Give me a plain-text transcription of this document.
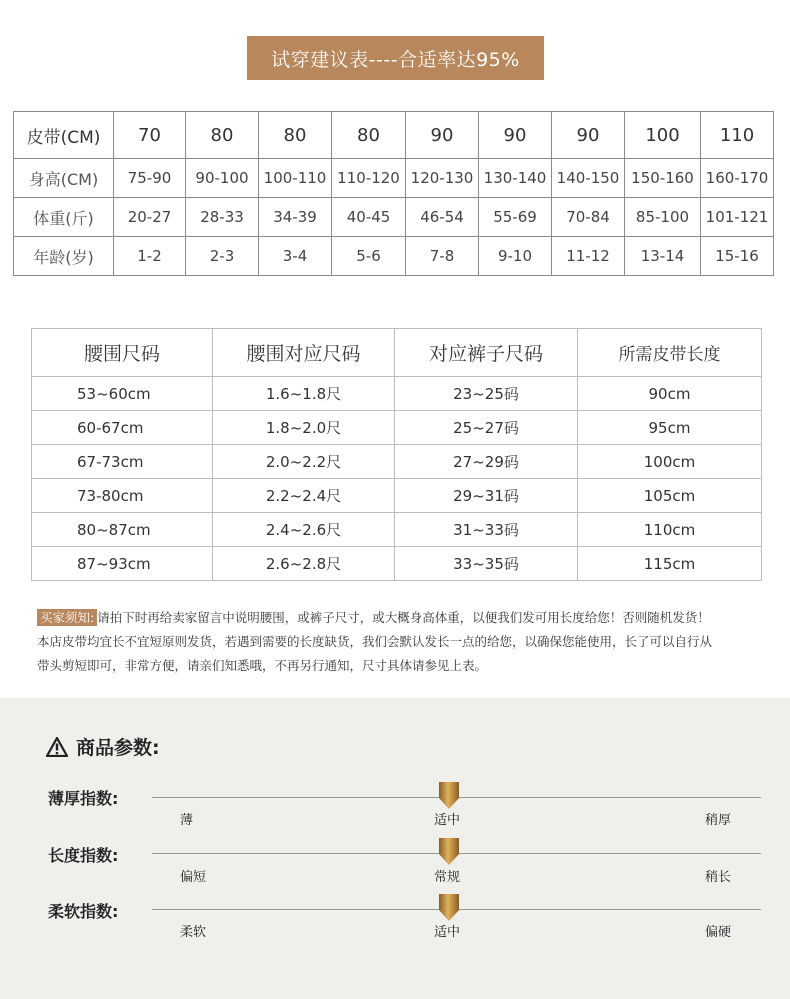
试穿建议表----合适率达95%
皮带(CM)	70	80	80	80	90	90	90	100	110
身高(CM)	75-90	90-100	100-110	110-120	120-130	130-140	140-150	150-160	160-170
体重(斤)	20-27	28-33	34-39	40-45	46-54	55-69	70-84	85-100	101-121
年龄(岁)	1-2	2-3	3-4	5-6	7-8	9-10	11-12	13-14	15-16
腰围尺码	腰围对应尺码	对应裤子尺码	所需皮带长度
53~60cm	1.6~1.8尺	23~25码	90cm
60-67cm	1.8~2.0尺	25~27码	95cm
67-73cm	2.0~2.2尺	27~29码	100cm
73-80cm	2.2~2.4尺	29~31码	105cm
80~87cm	2.4~2.6尺	31~33码	110cm
87~93cm	2.6~2.8尺	33~35码	115cm
买家须知: 请拍下时再给卖家留言中说明腰围，或裤子尺寸，或大概身高体重，以便我们发可用长度给您！否则随机发货！
本店皮带均宜长不宜短原则发货，若遇到需要的长度缺货，我们会默认发长一点的给您，以确保您能使用，长了可以自行从
带头剪短即可，非常方便，请亲们知悉哦，不再另行通知，尺寸具体请参见上表。
商品参数:
薄厚指数:
薄	适中	稍厚
长度指数:
偏短	常规	稍长
柔软指数:
柔软	适中	偏硬
